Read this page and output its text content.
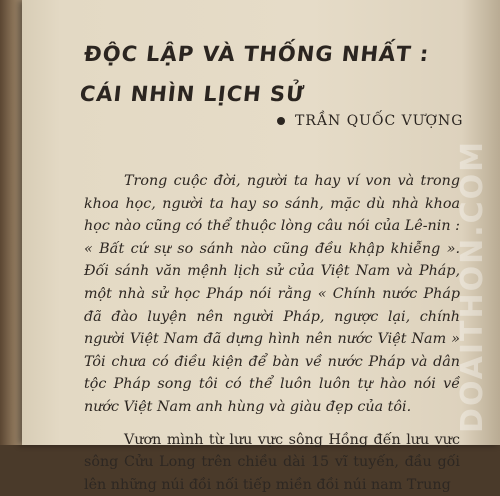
ĐỘC LẬP VÀ THỐNG NHẤT :
CÁI NHÌN LỊCH SỬ
TRẦN QUỐC VƯỢNG

Trong cuộc đời, người ta hay ví von và trong khoa học, người ta hay so sánh, mặc dù nhà khoa học nào cũng có thể thuộc lòng câu nói của Lê-nin : « Bất cứ sự so sánh nào cũng đều khập khiễng ». Đối sánh văn mệnh lịch sử của Việt Nam và Pháp, một nhà sử học Pháp nói rằng « Chính nước Pháp đã đào luyện nên người Pháp, ngược lại, chính người Việt Nam đã dựng hình nên nước Việt Nam » Tôi chưa có điều kiện để bàn về nước Pháp và dân tộc Pháp song tôi có thể luôn luôn tự hào nói về nước Việt Nam anh hùng và giàu đẹp của tôi.

Vươn mình từ lưu vực sông Hồng đến lưu vực sông Cửu Long trên chiều dài 15 vĩ tuyến, đầu gối lên những núi đồi nối tiếp miền đồi núi nam Trung

DOAITHON.COM
